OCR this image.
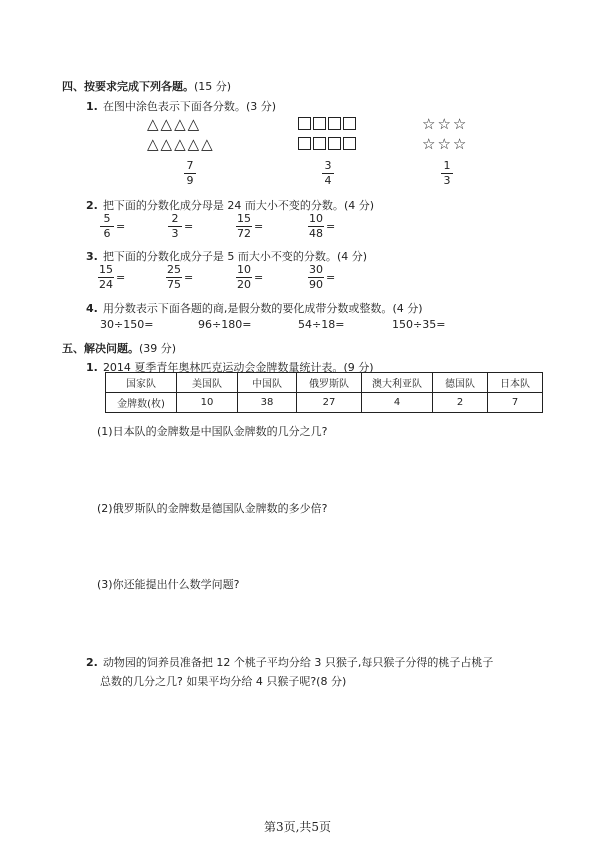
四、按要求完成下列各题。(15 分)
1. 在图中涂色表示下面各分数。(3 分)
△△△△
△△△△△
☆☆☆
☆☆☆
7
9
3
4
1
3
2. 把下面的分数化成分母是 24 而大小不变的分数。(4 分)
$\frac{5}{6}$ =	$\frac{2}{3}$ =	$\frac{15}{72}$ =	$\frac{10}{48}$ =
3. 把下面的分数化成分子是 5 而大小不变的分数。(4 分)
$\frac{15}{24}$ =	$\frac{25}{75}$ =	$\frac{10}{20}$ =	$\frac{30}{90}$ =
4. 用分数表示下面各题的商,是假分数的要化成带分数或整数。(4 分)
30÷150=	96÷180=	54÷18=	150÷35=
五、解决问题。(39 分)
1. 2014 夏季青年奥林匹克运动会金牌数量统计表。(9 分)
国家队	美国队	中国队	俄罗斯队	澳大利亚队	德国队	日本队
金牌数(枚)	10	38	27	4	2	7
(1)日本队的金牌数是中国队金牌数的几分之几?
(2)俄罗斯队的金牌数是德国队金牌数的多少倍?
(3)你还能提出什么数学问题?
2. 动物园的饲养员准备把 12 个桃子平均分给 3 只猴子,每只猴子分得的桃子占桃子
总数的几分之几? 如果平均分给 4 只猴子呢?(8 分)
第3页,共5页
